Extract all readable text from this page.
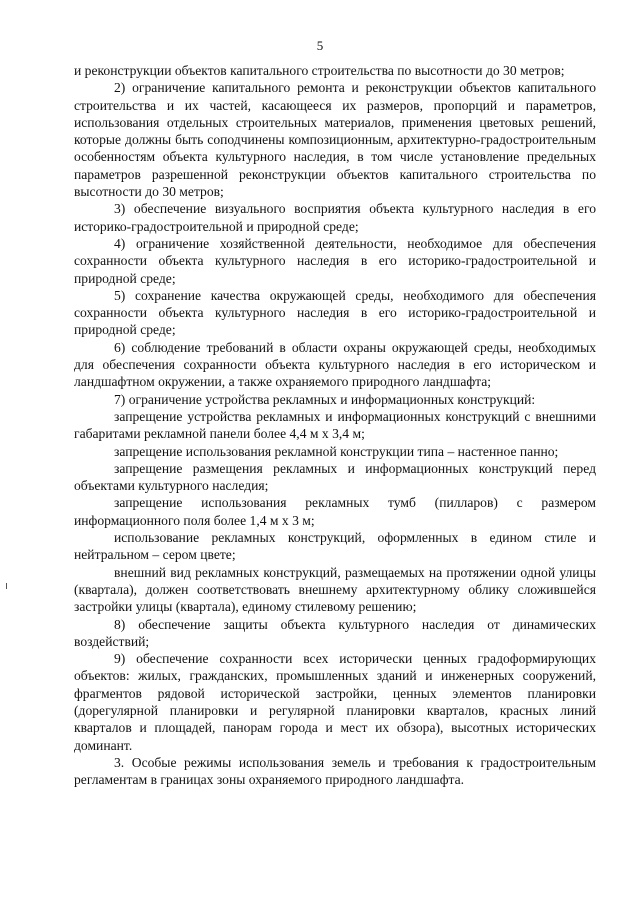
5

и реконструкции объектов капитального строительства по высотности до 30 метров;

2) ограничение капитального ремонта и реконструкции объектов капитального строительства и их частей, касающееся их размеров, пропорций и параметров, использования отдельных строительных материалов, применения цветовых решений, которые должны быть соподчинены композиционным, архитектурно-градостроительным особенностям объекта культурного наследия, в том числе установление предельных параметров разрешенной реконструкции объектов капитального строительства по высотности до 30 метров;

3) обеспечение визуального восприятия объекта культурного наследия в его историко-градостроительной и природной среде;

4) ограничение хозяйственной деятельности, необходимое для обеспечения сохранности объекта культурного наследия в его историко-градостроительной и природной среде;

5) сохранение качества окружающей среды, необходимого для обеспечения сохранности объекта культурного наследия в его историко-градостроительной и природной среде;

6) соблюдение требований в области охраны окружающей среды, необходимых для обеспечения сохранности объекта культурного наследия в его историческом и ландшафтном окружении, а также охраняемого природного ландшафта;

7) ограничение устройства рекламных и информационных конструкций:

запрещение устройства рекламных и информационных конструкций с внешними габаритами рекламной панели более 4,4 м х 3,4 м;

запрещение использования рекламной конструкции типа – настенное панно;

запрещение размещения рекламных и информационных конструкций перед объектами культурного наследия;

запрещение использования рекламных тумб (пилларов) с размером информационного поля более 1,4 м х 3 м;

использование рекламных конструкций, оформленных в едином стиле и нейтральном – сером цвете;

внешний вид рекламных конструкций, размещаемых на протяжении одной улицы (квартала), должен соответствовать внешнему архитектурному облику сложившейся застройки улицы (квартала), единому стилевому решению;

8) обеспечение защиты объекта культурного наследия от динамических воздействий;

9) обеспечение сохранности всех исторически ценных градоформирующих объектов: жилых, гражданских, промышленных зданий и инженерных сооружений, фрагментов рядовой исторической застройки, ценных элементов планировки (дорегулярной планировки и регулярной планировки кварталов, красных линий кварталов и площадей, панорам города и мест их обзора), высотных исторических доминант.

3. Особые режимы использования земель и требования к градостроительным регламентам в границах зоны охраняемого природного ландшафта.
